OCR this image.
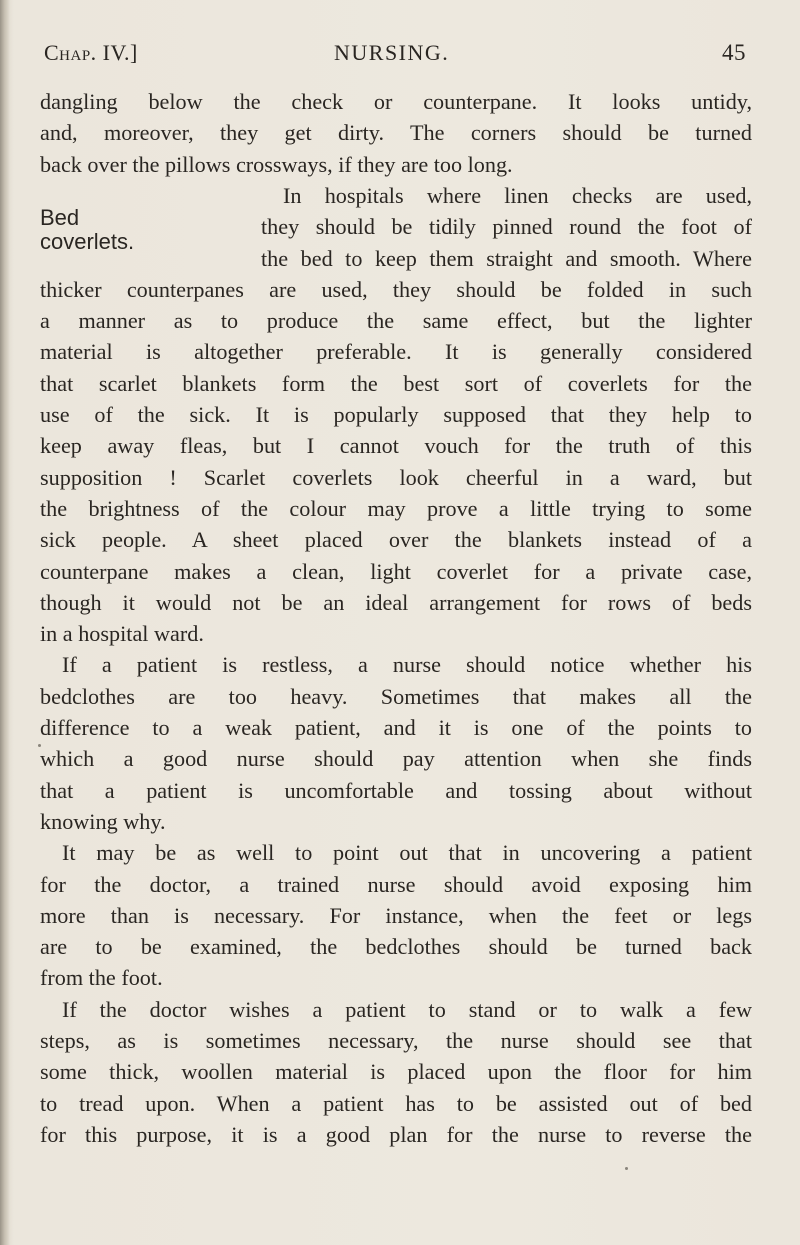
Chap. IV.]	NURSING.	45
dangling below the check or counterpane. It looks untidy,
and, moreover, they get dirty. The corners should be turned
back over the pillows crossways, if they are too long.
Bed
coverlets.
In hospitals where linen checks are used,
they should be tidily pinned round the foot of
the bed to keep them straight and smooth. Where
thicker counterpanes are used, they should be folded in such
a manner as to produce the same effect, but the lighter
material is altogether preferable. It is generally considered
that scarlet blankets form the best sort of coverlets for the
use of the sick. It is popularly supposed that they help to
keep away fleas, but I cannot vouch for the truth of this
supposition ! Scarlet coverlets look cheerful in a ward, but
the brightness of the colour may prove a little trying to some
sick people. A sheet placed over the blankets instead of a
counterpane makes a clean, light coverlet for a private case,
though it would not be an ideal arrangement for rows of beds
in a hospital ward.
If a patient is restless, a nurse should notice whether his
bedclothes are too heavy. Sometimes that makes all the
difference to a weak patient, and it is one of the points to
which a good nurse should pay attention when she finds
that a patient is uncomfortable and tossing about without
knowing why.
It may be as well to point out that in uncovering a patient
for the doctor, a trained nurse should avoid exposing him
more than is necessary. For instance, when the feet or legs
are to be examined, the bedclothes should be turned back
from the foot.
If the doctor wishes a patient to stand or to walk a few
steps, as is sometimes necessary, the nurse should see that
some thick, woollen material is placed upon the floor for him
to tread upon. When a patient has to be assisted out of bed
for this purpose, it is a good plan for the nurse to reverse the
